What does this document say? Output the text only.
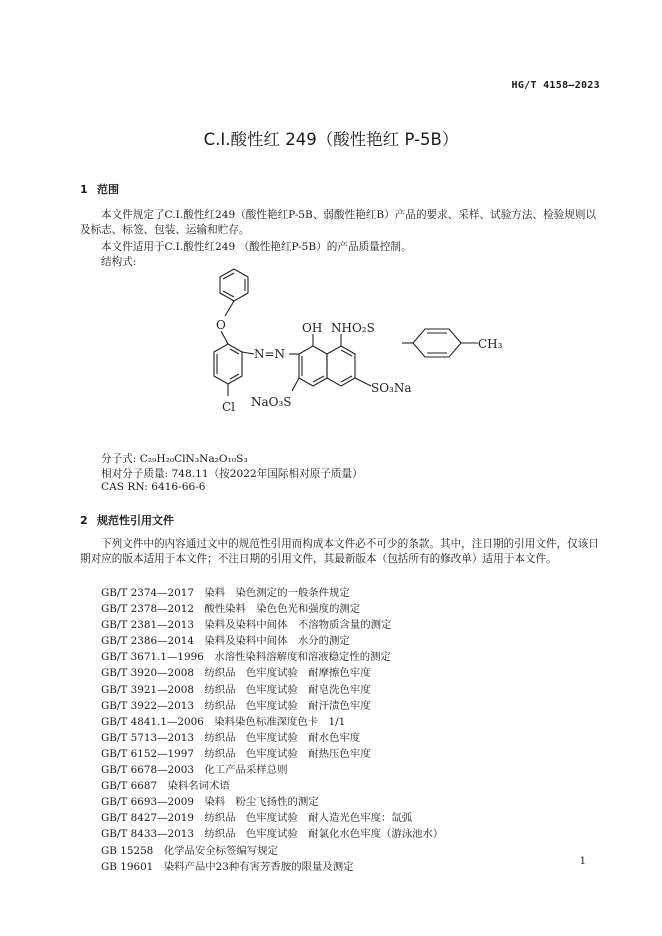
HG/T 4158—2023
C.I.酸性红 249（酸性艳红 P-5B）
1 范围

本文件规定了C.I.酸性红249（酸性艳红P-5B、弱酸性艳红B）产品的要求、采样、试验方法、检验规则以及标志、标签、包装、运输和贮存。

本文件适用于C.I.酸性红249 （酸性艳红P-5B）的产品质量控制。
结构式:
O
N=N
OH NHO₂S
CH₃
NaO₃S
SO₃Na
Cl
分子式: C₂₉H₂₀ClN₃Na₂O₁₀S₃
相对分子质量: 748.11（按2022年国际相对原子质量）
CAS RN: 6416-66-6
2 规范性引用文件

下列文件中的内容通过文中的规范性引用而构成本文件必不可少的条款。其中，注日期的引用文件，仅该日期对应的版本适用于本文件；不注日期的引用文件，其最新版本（包括所有的修改单）适用于本文件。

GB/T 2374—2017　 染料　染色测定的一般条件规定
GB/T 2378—2012　 酸性染料　染色色光和强度的测定
GB/T 2381—2013　 染料及染料中间体　不溶物质含量的测定
GB/T 2386—2014　 染料及染料中间体　水分的测定
GB/T 3671.1—1996　 水溶性染料溶解度和溶液稳定性的测定
GB/T 3920—2008　 纺织品　色牢度试验　耐摩擦色牢度
GB/T 3921—2008　 纺织品　色牢度试验　耐皂洗色牢度
GB/T 3922—2013　 纺织品　色牢度试验　耐汗渍色牢度
GB/T 4841.1—2006　 染料染色标准深度色卡　1/1
GB/T 5713—2013　 纺织品　色牢度试验　耐水色牢度
GB/T 6152—1997　 纺织品　色牢度试验　耐热压色牢度
GB/T 6678—2003　 化工产品采样总则
GB/T 6687　 染料名词术语
GB/T 6693—2009　 染料　粉尘飞扬性的测定
GB/T 8427—2019　 纺织品　色牢度试验　耐人造光色牢度：氙弧
GB/T 8433—2013　 纺织品　色牢度试验　耐氯化水色牢度（游泳池水）
GB 15258　 化学品安全标签编写规定
GB 19601　 染料产品中23种有害芳香胺的限量及测定	1
